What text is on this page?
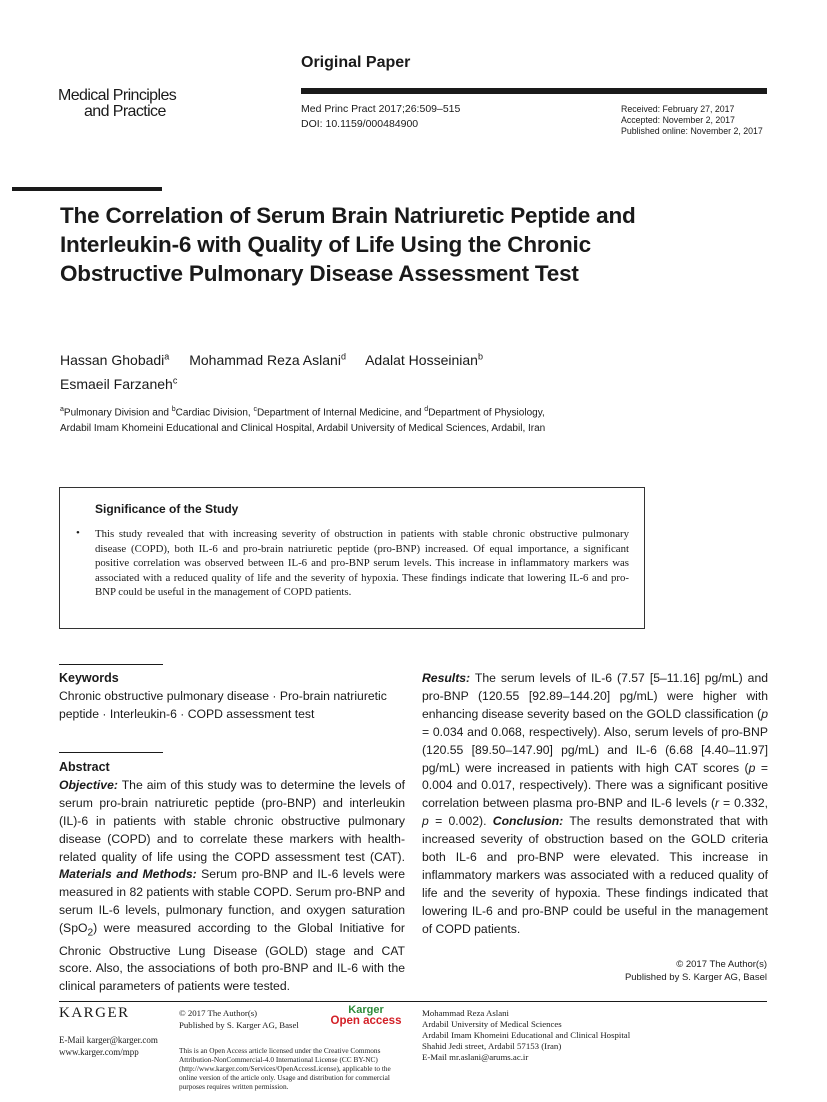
Original Paper
Medical Principles
and Practice	Med Princ Pract 2017;26:509–515
DOI: 10.1159/000484900
Received: February 27, 2017
Accepted: November 2, 2017
Published online: November 2, 2017
The Correlation of Serum Brain Natriuretic Peptide and Interleukin-6 with Quality of Life Using the Chronic Obstructive Pulmonary Disease Assessment Test
Hassan Ghobadi$^a$ Mohammad Reza Aslani$^d$ Adalat Hosseinian$^b$
Esmaeil Farzaneh$^c$
$^a$Pulmonary Division and $^b$Cardiac Division, $^c$Department of Internal Medicine, and $^d$Department of Physiology,
Ardabil Imam Khomeini Educational and Clinical Hospital, Ardabil University of Medical Sciences, Ardabil, Iran
Significance of the Study
• This study revealed that with increasing severity of obstruction in patients with stable chronic obstructive pulmonary disease (COPD), both IL-6 and pro-brain natriuretic peptide (pro-BNP) increased. Of equal importance, a significant positive correlation was observed between IL-6 and pro-BNP serum levels. This increase in inflammatory markers was associated with a reduced quality of life and the severity of hypoxia. These findings indicate that lowering IL-6 and pro-BNP could be useful in the management of COPD patients.
Keywords
Chronic obstructive pulmonary disease · Pro-brain natriuretic peptide · Interleukin-6 · COPD assessment test
Abstract
Objective: The aim of this study was to determine the levels of serum pro-brain natriuretic peptide (pro-BNP) and interleukin (IL)-6 in patients with stable chronic obstructive pulmonary disease (COPD) and to correlate these markers with health-related quality of life using the COPD assessment test (CAT). Materials and Methods: Serum pro-BNP and IL-6 levels were measured in 82 patients with stable COPD. Serum pro-BNP and serum IL-6 levels, pulmonary function, and oxygen saturation (SpO$_2$) were measured according to the Global Initiative for Chronic Obstructive Lung Disease (GOLD) stage and CAT score. Also, the associations of both pro-BNP and IL-6 with the clinical parameters of patients were tested.
Results: The serum levels of IL-6 (7.57 [5–11.16] pg/mL) and pro-BNP (120.55 [92.89–144.20] pg/mL) were higher with enhancing disease severity based on the GOLD classification (p = 0.034 and 0.068, respectively). Also, serum levels of pro-BNP (120.55 [89.50–147.90] pg/mL) and IL-6 (6.68 [4.40–11.97] pg/mL) were increased in patients with high CAT scores (p = 0.004 and 0.017, respectively). There was a significant positive correlation between plasma pro-BNP and IL-6 levels (r = 0.332, p = 0.002). Conclusion: The results demonstrated that with increased severity of obstruction based on the GOLD criteria both IL-6 and pro-BNP were elevated. This increase in inflammatory markers was associated with a reduced quality of life and the severity of hypoxia. These findings indicated that lowering IL-6 and pro-BNP could be useful in the management of COPD patients.
© 2017 The Author(s)
Published by S. Karger AG, Basel
KARGER
E-Mail karger@karger.com
www.karger.com/mpp
© 2017 The Author(s)
Published by S. Karger AG, Basel
Karger
Open access
This is an Open Access article licensed under the Creative Commons Attribution-NonCommercial-4.0 International License (CC BY-NC) (http://www.karger.com/Services/OpenAccessLicense), applicable to the online version of the article only. Usage and distribution for commercial purposes requires written permission.
Mohammad Reza Aslani
Ardabil University of Medical Sciences
Ardabil Imam Khomeini Educational and Clinical Hospital
Shahid Jedi street, Ardabil 57153 (Iran)
E-Mail mr.aslani@arums.ac.ir
